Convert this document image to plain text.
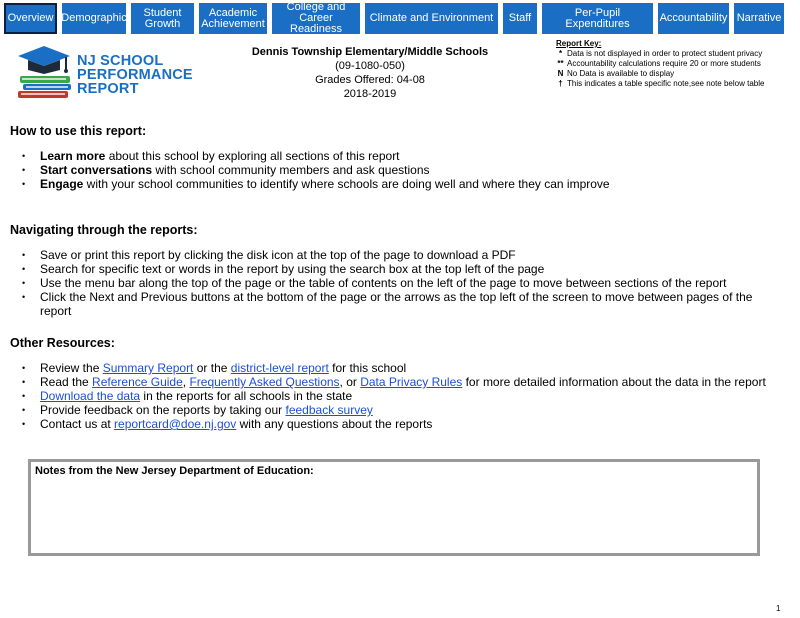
Overview Demographic	Student
Growth
Academic
Achievement
College and
Career Readiness
Climate and Environment	Staff	Per-Pupil Expenditures	Accountability Narrative
NJ SCHOOL
PERFORMANCE
REPORT
Dennis Township Elementary/Middle Schools
(09-1080-050)
Grades Offered: 04-08
2018-2019
Report Key:
* Data is not displayed in order to protect student privacy
** Accountability calculations require 20 or more students
N No Data is available to display
† This indicates a table specific note,see note below table
How to use this report:
• Learn more about this school by exploring all sections of this report
• Start conversations with school community members and ask questions
• Engage with your school communities to identify where schools are doing well and where they can improve
Navigating through the reports:
• Save or print this report by clicking the disk icon at the top of the page to download a PDF
• Search for specific text or words in the report by using the search box at the top left of the page
• Use the menu bar along the top of the page or the table of contents on the left of the page to move between sections of the report
• Click the Next and Previous buttons at the bottom of the page or the arrows as the top left of the screen to move between pages of the report
Other Resources:
• Review the Summary Report or the district-level report for this school
• Read the Reference Guide, Frequently Asked Questions, or Data Privacy Rules for more detailed information about the data in the report
• Download the data in the reports for all schools in the state
• Provide feedback on the reports by taking our feedback survey
• Contact us at reportcard@doe.nj.gov with any questions about the reports
Notes from the New Jersey Department of Education:
1
